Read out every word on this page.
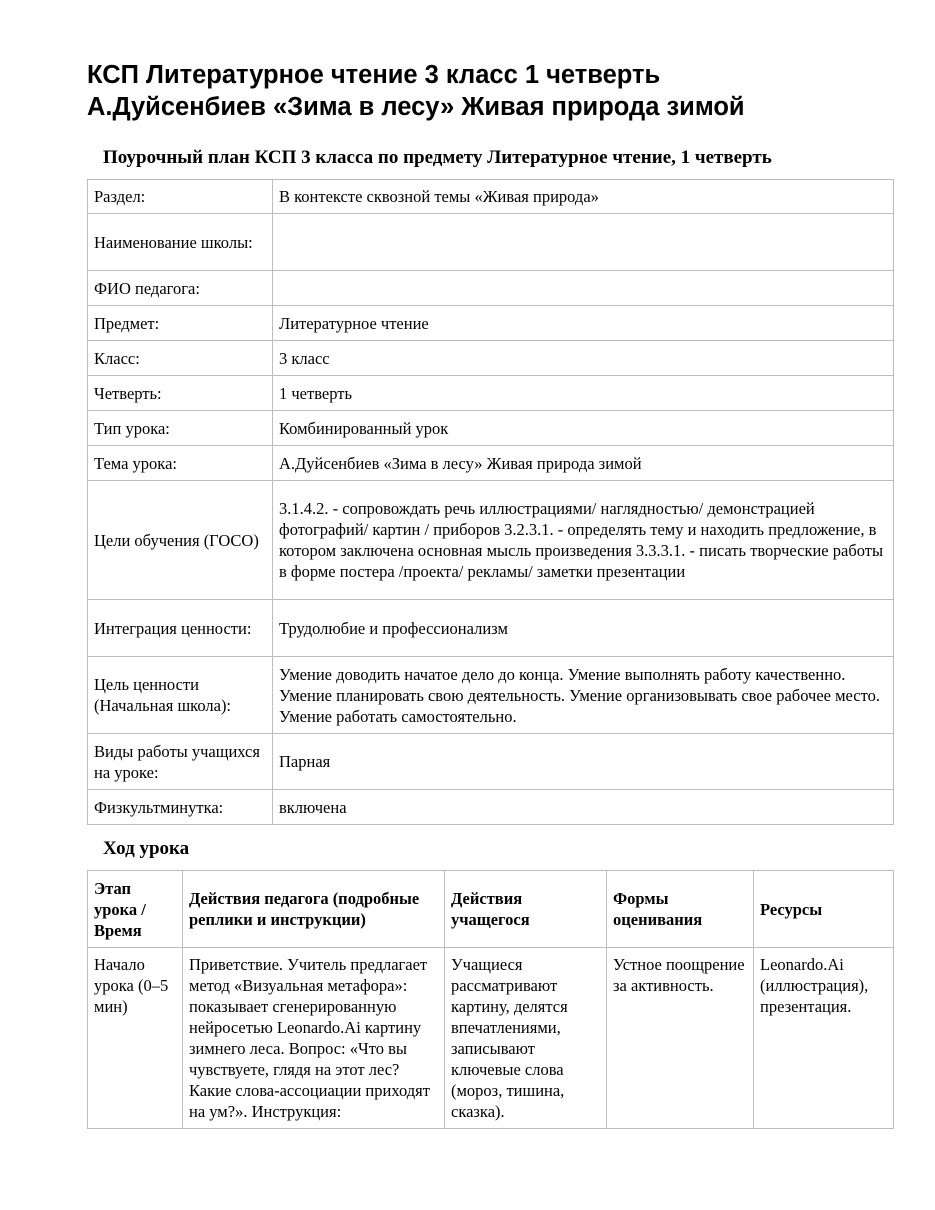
КСП Литературное чтение 3 класс 1 четверть
А.Дуйсенбиев «Зима в лесу» Живая природа зимой
Поурочный план КСП 3 класса по предмету Литературное чтение, 1 четверть
Раздел:	В контексте сквозной темы «Живая природа»
Наименование школы:	
ФИО педагога:	
Предмет:	Литературное чтение
Класс:	3 класс
Четверть:	1 четверть
Тип урока:	Комбинированный урок
Тема урока:	А.Дуйсенбиев «Зима в лесу» Живая природа зимой
Цели обучения (ГОСО)	3.1.4.2. - сопровождать речь иллюстрациями/ наглядностью/ демонстрацией фотографий/ картин / приборов 3.2.3.1. - определять тему и находить предложение, в котором заключена основная мысль произведения 3.3.3.1. - писать творческие работы в форме постера /проекта/ рекламы/ заметки презентации
Интеграция ценности:	Трудолюбие и профессионализм
Цель ценности (Начальная школа):	Умение доводить начатое дело до конца. Умение выполнять работу качественно. Умение планировать свою деятельность. Умение организовывать свое рабочее место. Умение работать самостоятельно.
Виды работы учащихся на уроке:	Парная
Физкультминутка:	включена
Ход урока
Этап урока / Время	Действия педагога (подробные реплики и инструкции)	Действия учащегося	Формы оценивания	Ресурсы
Начало урока (0–5 мин)	Приветствие. Учитель предлагает метод «Визуальная метафора»: показывает сгенерированную нейросетью Leonardo.Ai картину зимнего леса. Вопрос: «Что вы чувствуете, глядя на этот лес? Какие слова-ассоциации приходят на ум?». Инструкция:	Учащиеся рассматривают картину, делятся впечатлениями, записывают ключевые слова (мороз, тишина, сказка).	Устное поощрение за активность.	Leonardo.Ai (иллюстрация), презентация.
